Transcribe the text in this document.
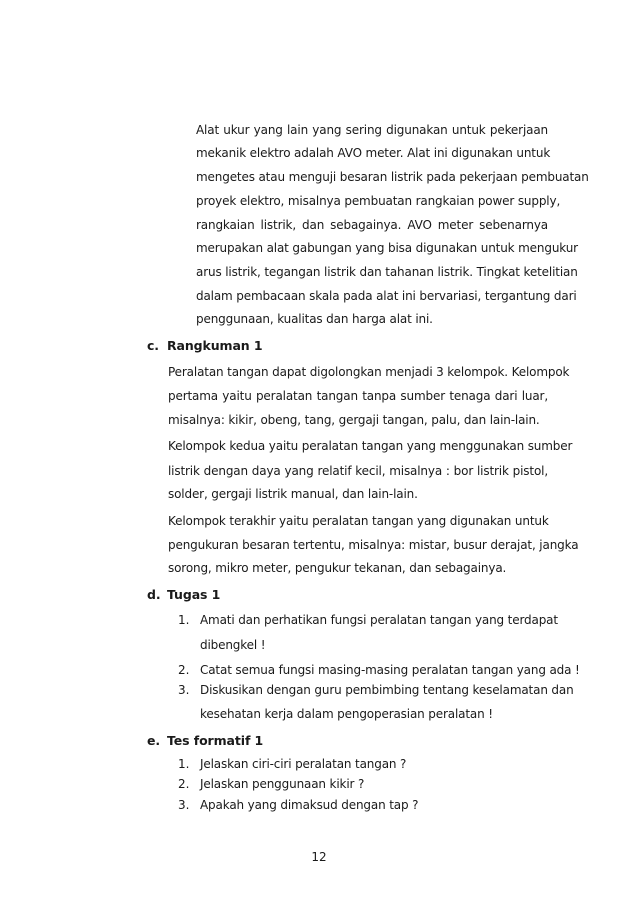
Alat ukur yang lain yang sering digunakan untuk pekerjaan
mekanik elektro adalah AVO meter. Alat ini digunakan untuk
mengetes atau menguji besaran listrik pada pekerjaan pembuatan
proyek elektro, misalnya pembuatan rangkaian power supply,
rangkaian listrik, dan sebagainya. AVO meter sebenarnya
merupakan alat gabungan yang bisa digunakan untuk mengukur
arus listrik, tegangan listrik dan tahanan listrik. Tingkat ketelitian
dalam pembacaan skala pada alat ini bervariasi, tergantung dari
penggunaan, kualitas dan harga alat ini.
c. Rangkuman 1
Peralatan tangan dapat digolongkan menjadi 3 kelompok. Kelompok
pertama yaitu peralatan tangan tanpa sumber tenaga dari luar,
misalnya: kikir, obeng, tang, gergaji tangan, palu, dan lain-lain.
Kelompok kedua yaitu peralatan tangan yang menggunakan sumber
listrik dengan daya yang relatif kecil, misalnya : bor listrik pistol,
solder, gergaji listrik manual, dan lain-lain.
Kelompok terakhir yaitu peralatan tangan yang digunakan untuk
pengukuran besaran tertentu, misalnya: mistar, busur derajat, jangka
sorong, mikro meter, pengukur tekanan, dan sebagainya.
d. Tugas 1
1. Amati dan perhatikan fungsi peralatan tangan yang terdapat
dibengkel !
2. Catat semua fungsi masing-masing peralatan tangan yang ada !
3. Diskusikan dengan guru pembimbing tentang keselamatan dan
kesehatan kerja dalam pengoperasian peralatan !
e. Tes formatif 1
1. Jelaskan ciri-ciri peralatan tangan ?
2. Jelaskan penggunaan kikir ?
3. Apakah yang dimaksud dengan tap ?
12
